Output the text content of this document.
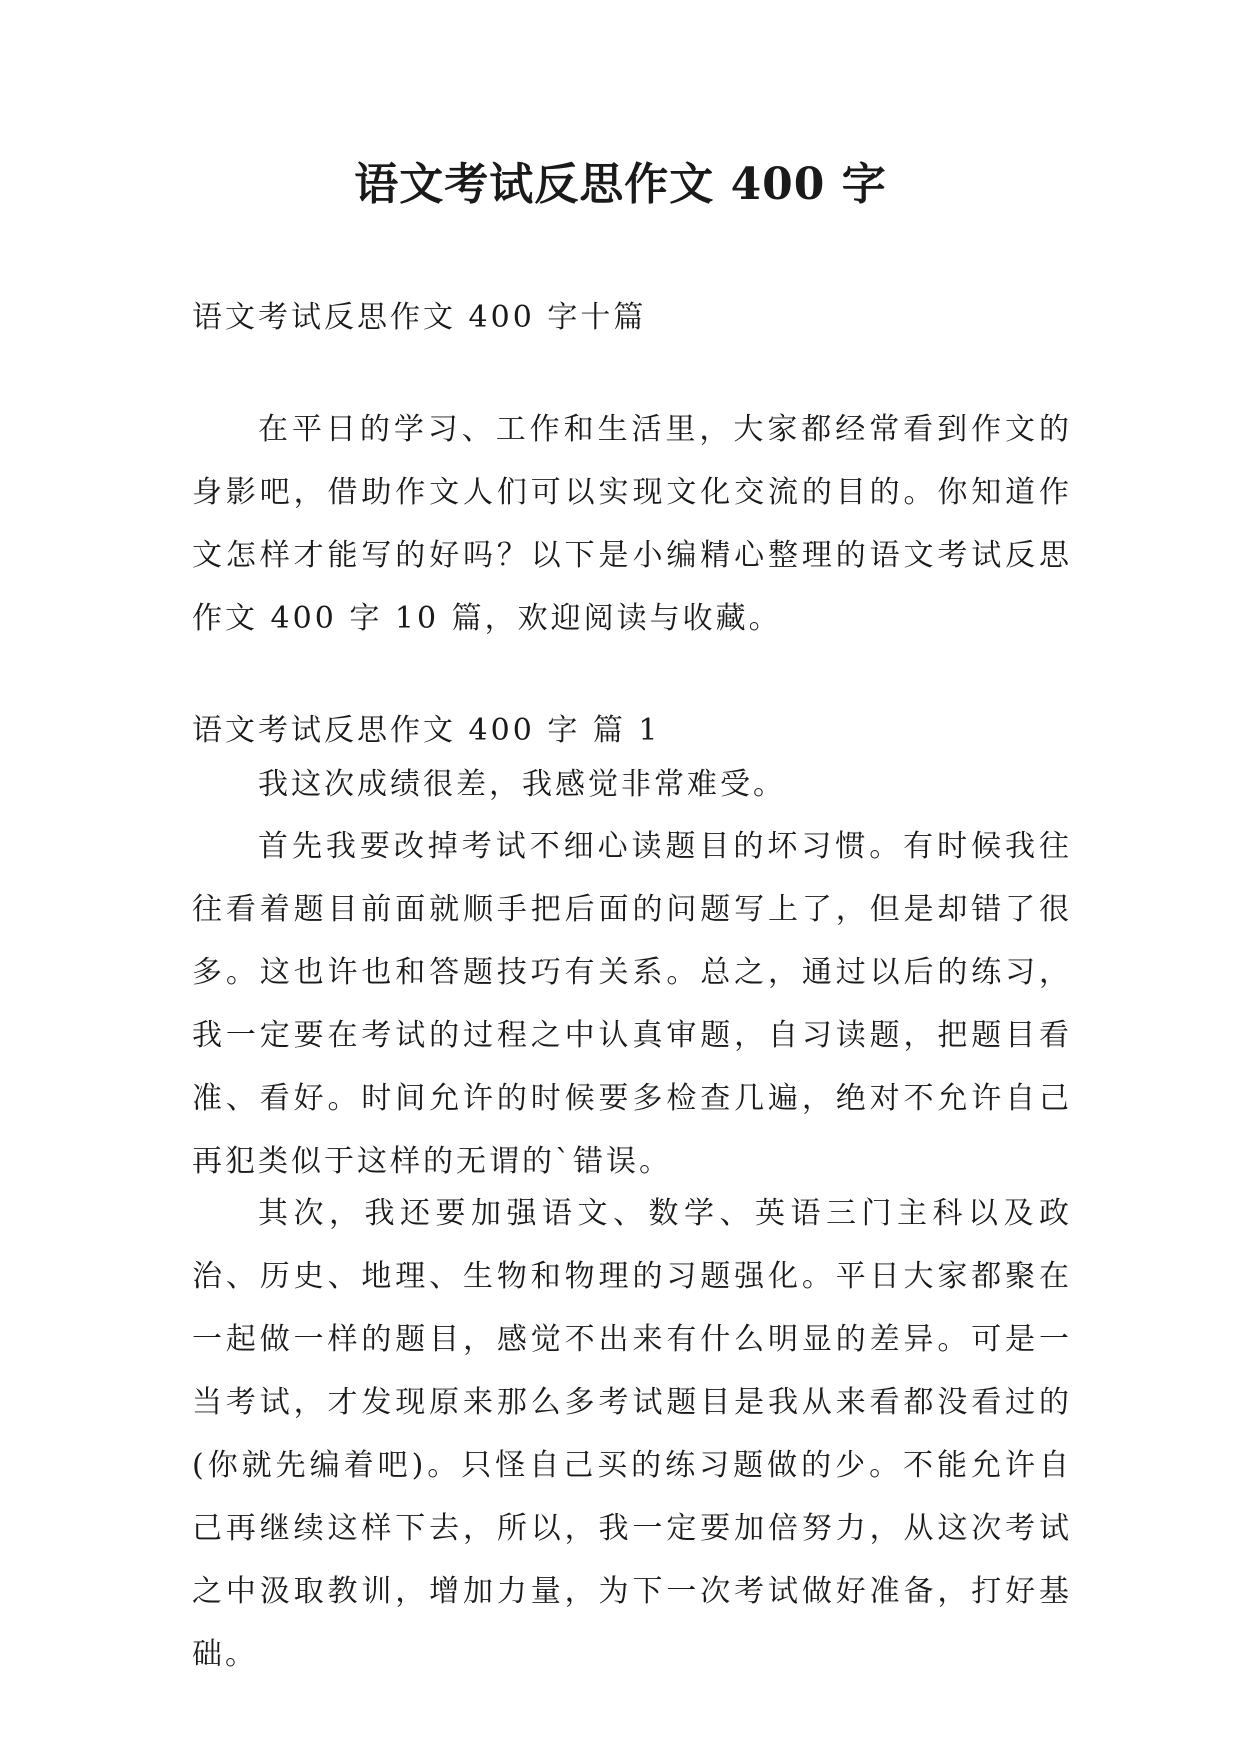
语文考试反思作文 400 字

语文考试反思作文 400 字十篇

在平日的学习、工作和生活里，大家都经常看到作文的身影吧，借助作文人们可以实现文化交流的目的。你知道作文怎样才能写的好吗？以下是小编精心整理的语文考试反思作文 400 字 10 篇，欢迎阅读与收藏。

语文考试反思作文 400 字 篇 1

我这次成绩很差，我感觉非常难受。

首先我要改掉考试不细心读题目的坏习惯。有时候我往往看着题目前面就顺手把后面的问题写上了，但是却错了很多。这也许也和答题技巧有关系。总之，通过以后的练习，我一定要在考试的过程之中认真审题，自习读题，把题目看准、看好。时间允许的时候要多检查几遍，绝对不允许自己再犯类似于这样的无谓的`错误。

其次，我还要加强语文、数学、英语三门主科以及政治、历史、地理、生物和物理的习题强化。平日大家都聚在一起做一样的题目，感觉不出来有什么明显的差异。可是一当考试，才发现原来那么多考试题目是我从来看都没看过的(你就先编着吧)。只怪自己买的练习题做的少。不能允许自己再继续这样下去，所以，我一定要加倍努力，从这次考试之中汲取教训，增加力量，为下一次考试做好准备，打好基础。
